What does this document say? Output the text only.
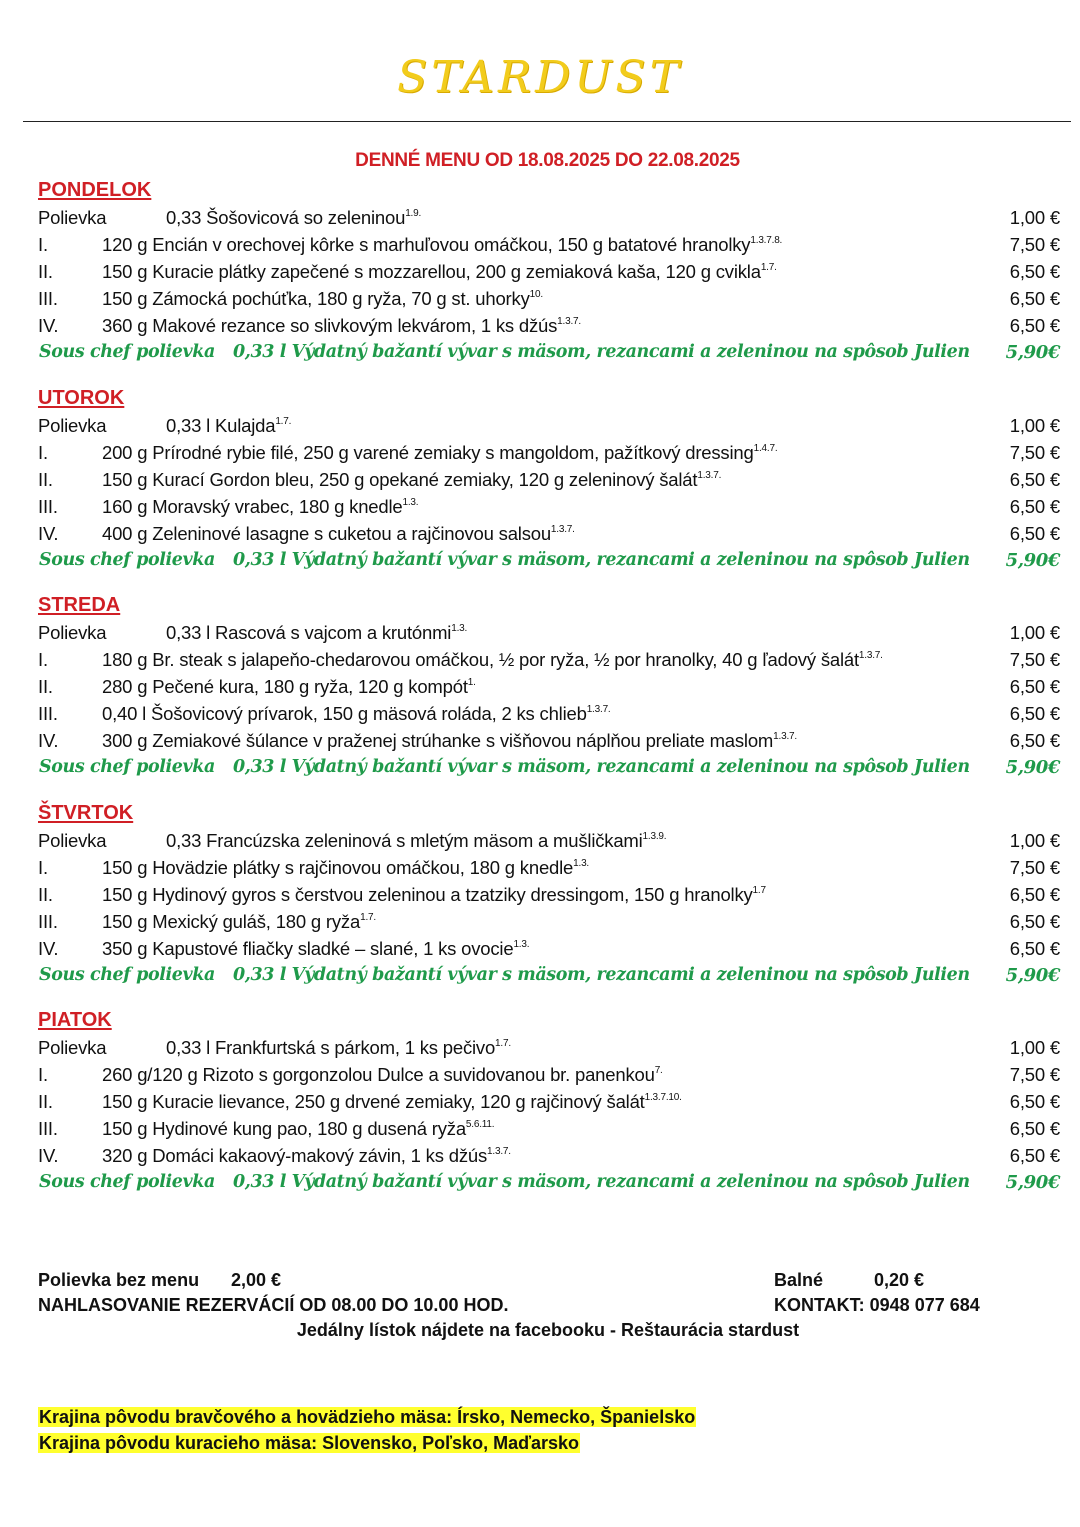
STARDUST
DENNÉ MENU OD 18.08.2025 DO 22.08.2025
PONDELOK
Polievka	0,33 Šošovicová so zeleninou$^{1.9.}$	1,00 €
I.	120 g Encián v orechovej kôrke s marhuľovou omáčkou, 150 g batatové hranolky$^{1.3.7.8.}$	7,50 €
II.	150 g Kuracie plátky zapečené s mozzarellou, 200 g zemiaková kaša, 120 g cvikla$^{1.7.}$	6,50 €
III. 150 g Zámocká pochúťka, 180 g ryža, 70 g st. uhorky$^{10.}$	6,50 €
IV. 360 g Makové rezance so slivkovým lekvárom, 1 ks džús$^{1.3.7.}$	6,50 €
Sous chef polievka 0,33 l Výdatný bažantí vývar s mäsom, rezancami a zeleninou na spôsob Julien 5,90€
UTOROK
Polievka	0,33 l Kulajda$^{1.7.}$	1,00 €
I.	200 g Prírodné rybie filé, 250 g varené zemiaky s mangoldom, pažítkový dressing$^{1.4.7.}$	7,50 €
II.	150 g Kurací Gordon bleu, 250 g opekané zemiaky, 120 g zeleninový šalát$^{1.3.7.}$	6,50 €
III. 160 g Moravský vrabec, 180 g knedle$^{1.3.}$	6,50 €
IV. 400 g Zeleninové lasagne s cuketou a rajčinovou salsou$^{1.3.7.}$	6,50 €
Sous chef polievka 0,33 l Výdatný bažantí vývar s mäsom, rezancami a zeleninou na spôsob Julien 5,90€
STREDA
Polievka	0,33 l Rascová s vajcom a krutónmi$^{1.3.}$	1,00 €
I.	180 g Br. steak s jalapeňo-chedarovou omáčkou, ½ por ryža, ½ por hranolky, 40 g ľadový šalát$^{1.3.7.}$	7,50 €
II.	280 g Pečené kura, 180 g ryža, 120 g kompót$^{1.}$	6,50 €
III. 0,40 l Šošovicový prívarok, 150 g mäsová roláda, 2 ks chlieb$^{1.3.7.}$	6,50 €
IV. 300 g Zemiakové šúlance v praženej strúhanke s višňovou náplňou preliate maslom$^{1.3.7.}$	6,50 €
Sous chef polievka 0,33 l Výdatný bažantí vývar s mäsom, rezancami a zeleninou na spôsob Julien 5,90€
ŠTVRTOK
Polievka	0,33 Francúzska zeleninová s mletým mäsom a mušličkami$^{1.3.9.}$	1,00 €
I.	150 g Hovädzie plátky s rajčinovou omáčkou, 180 g knedle$^{1.3.}$	7,50 €
II.	150 g Hydinový gyros s čerstvou zeleninou a tzatziky dressingom, 150 g hranolky$^{1.7}$	6,50 €
III. 150 g Mexický guláš, 180 g ryža$^{1.7.}$	6,50 €
IV. 350 g Kapustové fliačky sladké – slané, 1 ks ovocie$^{1.3.}$	6,50 €
Sous chef polievka 0,33 l Výdatný bažantí vývar s mäsom, rezancami a zeleninou na spôsob Julien 5,90€
PIATOK
Polievka	0,33 l Frankfurtská s párkom, 1 ks pečivo$^{1.7.}$	1,00 €
I.	260 g/120 g Rizoto s gorgonzolou Dulce a suvidovanou br. panenkou$^{7.}$	7,50 €
II.	150 g Kuracie lievance, 250 g drvené zemiaky, 120 g rajčinový šalát$^{1.3.7.10.}$	6,50 €
III. 150 g Hydinové kung pao, 180 g dusená ryža$^{5.6.11.}$	6,50 €
IV. 320 g Domáci kakaový-makový závin, 1 ks džús$^{1.3.7.}$	6,50 €
Sous chef polievka 0,33 l Výdatný bažantí vývar s mäsom, rezancami a zeleninou na spôsob Julien 5,90€
Polievka bez menu 2,00 €	Balné	0,20 €
NAHLASOVANIE REZERVÁCIÍ OD 08.00 DO 10.00 HOD.	KONTAKT: 0948 077 684
Jedálny lístok nájdete na facebooku - Reštaurácia stardust
Krajina pôvodu bravčového a hovädzieho mäsa: Írsko, Nemecko, Španielsko
Krajina pôvodu kuracieho mäsa: Slovensko, Poľsko, Maďarsko
